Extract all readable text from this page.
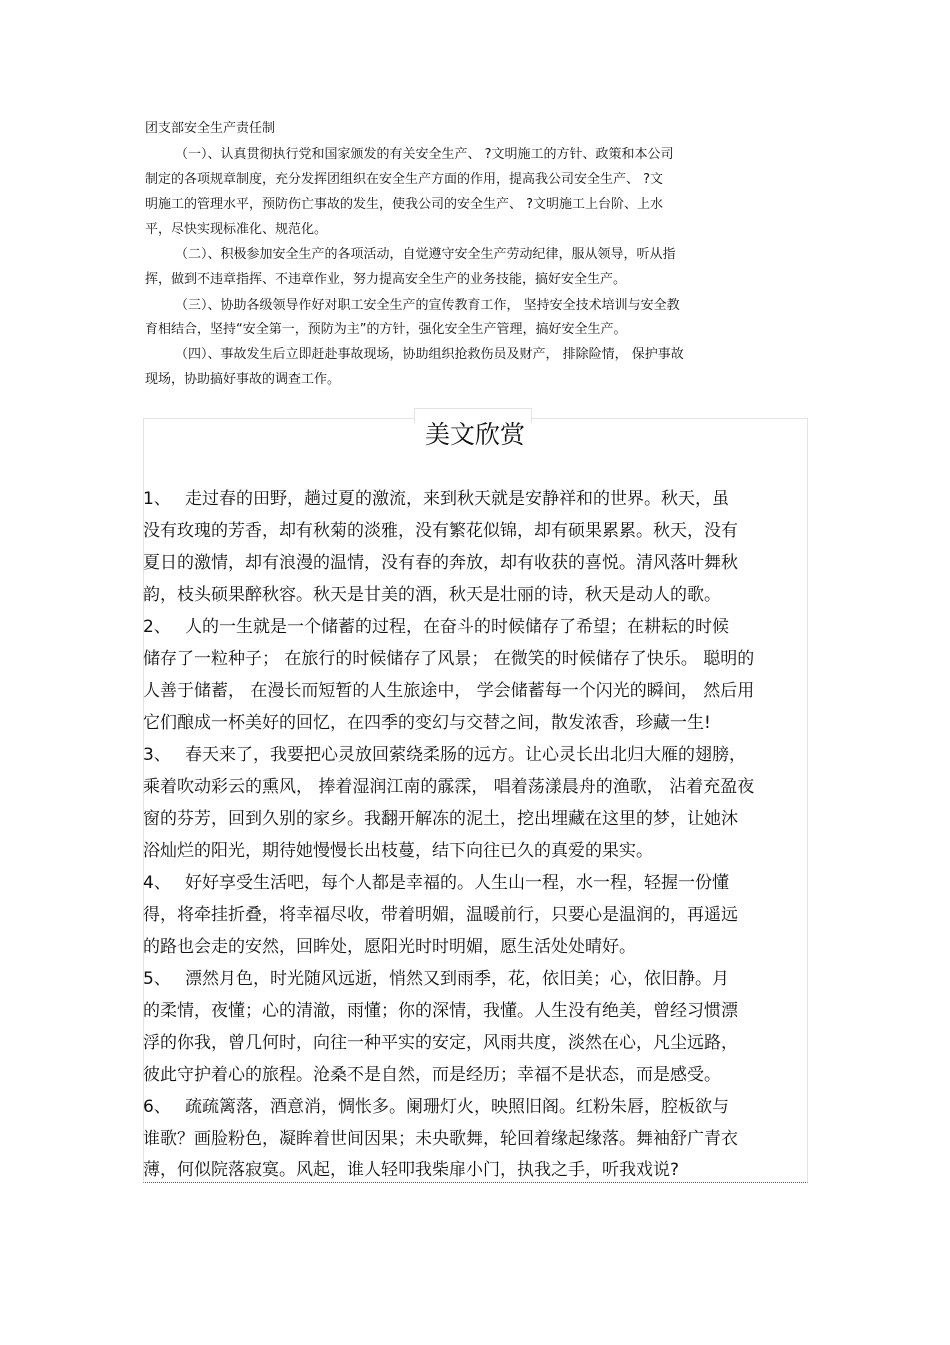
团支部安全生产责任制
（一）、认真贯彻执行党和国家颁发的有关安全生产、 ?文明施工的方针、政策和本公司
制定的各项规章制度，充分发挥团组织在安全生产方面的作用，提高我公司安全生产、 ?文
明施工的管理水平，预防伤亡事故的发生，使我公司的安全生产、 ?文明施工上台阶、上水
平，尽快实现标准化、规范化。
（二）、积极参加安全生产的各项活动，自觉遵守安全生产劳动纪律，服从领导，听从指
挥，做到不违章指挥、不违章作业，努力提高安全生产的业务技能，搞好安全生产。
（三）、协助各级领导作好对职工安全生产的宣传教育工作， 坚持安全技术培训与安全教
育相结合，坚持“安全第一，预防为主”的方针，强化安全生产管理，搞好安全生产。
（四）、事故发生后立即赶赴事故现场，协助组织抢救伤员及财产， 排除险情， 保护事故
现场，协助搞好事故的调查工作。
美文欣赏
1、 走过春的田野，趟过夏的激流，来到秋天就是安静祥和的世界。秋天，虽
没有玫瑰的芳香，却有秋菊的淡雅，没有繁花似锦，却有硕果累累。秋天，没有
夏日的激情，却有浪漫的温情，没有春的奔放，却有收获的喜悦。清风落叶舞秋
韵，枝头硕果醉秋容。秋天是甘美的酒，秋天是壮丽的诗，秋天是动人的歌。
2、 人的一生就是一个储蓄的过程，在奋斗的时候储存了希望；在耕耘的时候
储存了一粒种子； 在旅行的时候储存了风景； 在微笑的时候储存了快乐。 聪明的
人善于储蓄， 在漫长而短暂的人生旅途中， 学会储蓄每一个闪光的瞬间， 然后用
它们酿成一杯美好的回忆，在四季的变幻与交替之间，散发浓香，珍藏一生!
3、 春天来了，我要把心灵放回萦绕柔肠的远方。让心灵长出北归大雁的翅膀，
乘着吹动彩云的熏风， 捧着湿润江南的霡霂， 唱着荡漾晨舟的渔歌， 沾着充盈夜
窗的芬芳，回到久别的家乡。我翻开解冻的泥土，挖出埋藏在这里的梦，让她沐
浴灿烂的阳光，期待她慢慢长出枝蔓，结下向往已久的真爱的果实。
4、 好好享受生活吧，每个人都是幸福的。人生山一程，水一程，轻握一份懂
得，将牵挂折叠，将幸福尽收，带着明媚，温暖前行，只要心是温润的，再遥远
的路也会走的安然，回眸处，愿阳光时时明媚，愿生活处处晴好。
5、 漂然月色，时光随风远逝，悄然又到雨季，花，依旧美；心，依旧静。月
的柔情，夜懂；心的清澈，雨懂；你的深情，我懂。人生没有绝美，曾经习惯漂
浮的你我，曾几何时，向往一种平实的安定，风雨共度，淡然在心，凡尘远路，
彼此守护着心的旅程。沧桑不是自然，而是经历；幸福不是状态，而是感受。
6、 疏疏篱落，酒意消，惆怅多。阑珊灯火，映照旧阁。红粉朱唇，腔板欲与
谁歌？画脸粉色，凝眸着世间因果；未央歌舞，轮回着缘起缘落。舞袖舒广青衣
薄，何似院落寂寞。风起，谁人轻叩我柴扉小门，执我之手，听我戏说?
